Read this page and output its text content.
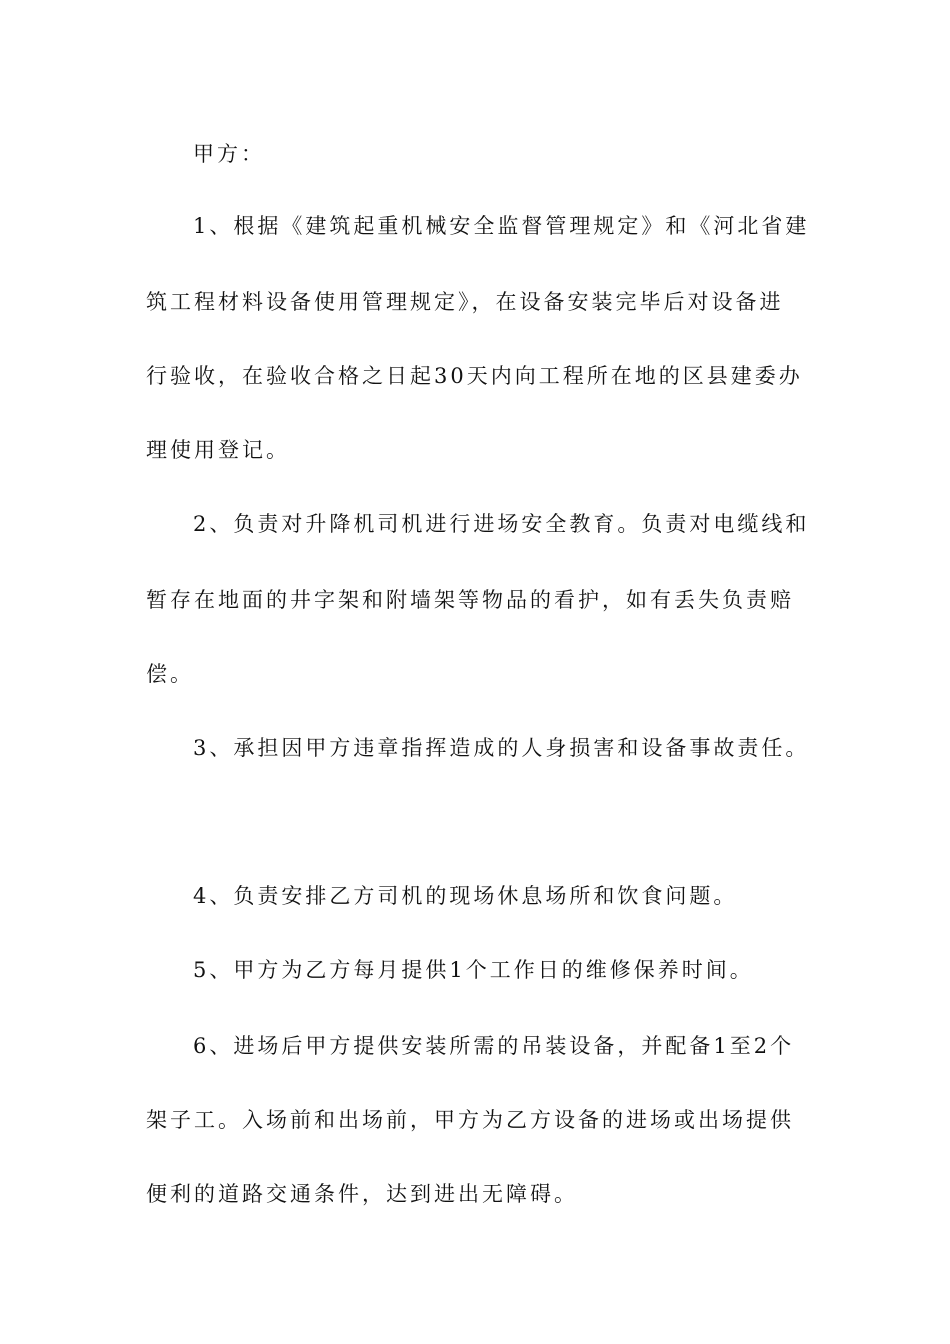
甲方：
1、根据《建筑起重机械安全监督管理规定》和《河北省建
筑工程材料设备使用管理规定》，在设备安装完毕后对设备进
行验收，在验收合格之日起30天内向工程所在地的区县建委办
理使用登记。
2、负责对升降机司机进行进场安全教育。负责对电缆线和
暂存在地面的井字架和附墙架等物品的看护，如有丢失负责赔
偿。
3、承担因甲方违章指挥造成的人身损害和设备事故责任。
4、负责安排乙方司机的现场休息场所和饮食问题。
5、甲方为乙方每月提供1个工作日的维修保养时间。
6、进场后甲方提供安装所需的吊装设备，并配备1至2个
架子工。入场前和出场前，甲方为乙方设备的进场或出场提供
便利的道路交通条件，达到进出无障碍。
